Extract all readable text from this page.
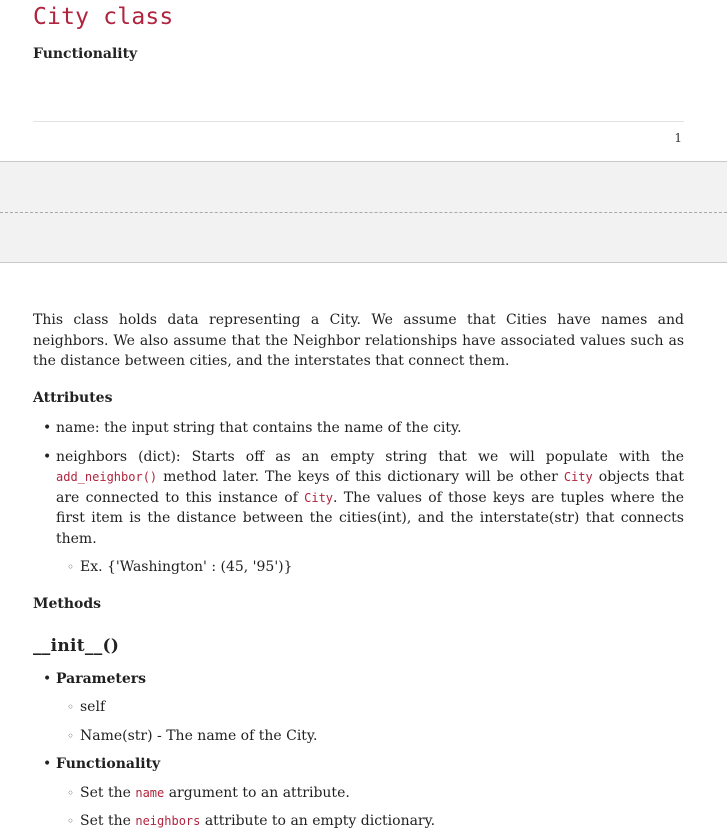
City class
Functionality
1

This class holds data representing a City. We assume that Cities have names and neighbors. We also assume that the Neighbor relationships have associated values such as the distance between cities, and the interstates that connect them.

Attributes
• name: the input string that contains the name of the city.
• neighbors (dict): Starts off as an empty string that we will populate with the add_neighbor() method later. The keys of this dictionary will be other City objects that are connected to this instance of City. The values of those keys are tuples where the first item is the distance between the cities(int), and the interstate(str) that connects them.
◦ Ex. {'Washington' : (45, '95')}
Methods
__init__()
• Parameters
◦ self
◦ Name(str) - The name of the City.
• Functionality
◦ Set the name argument to an attribute.
◦ Set the neighbors attribute to an empty dictionary.
